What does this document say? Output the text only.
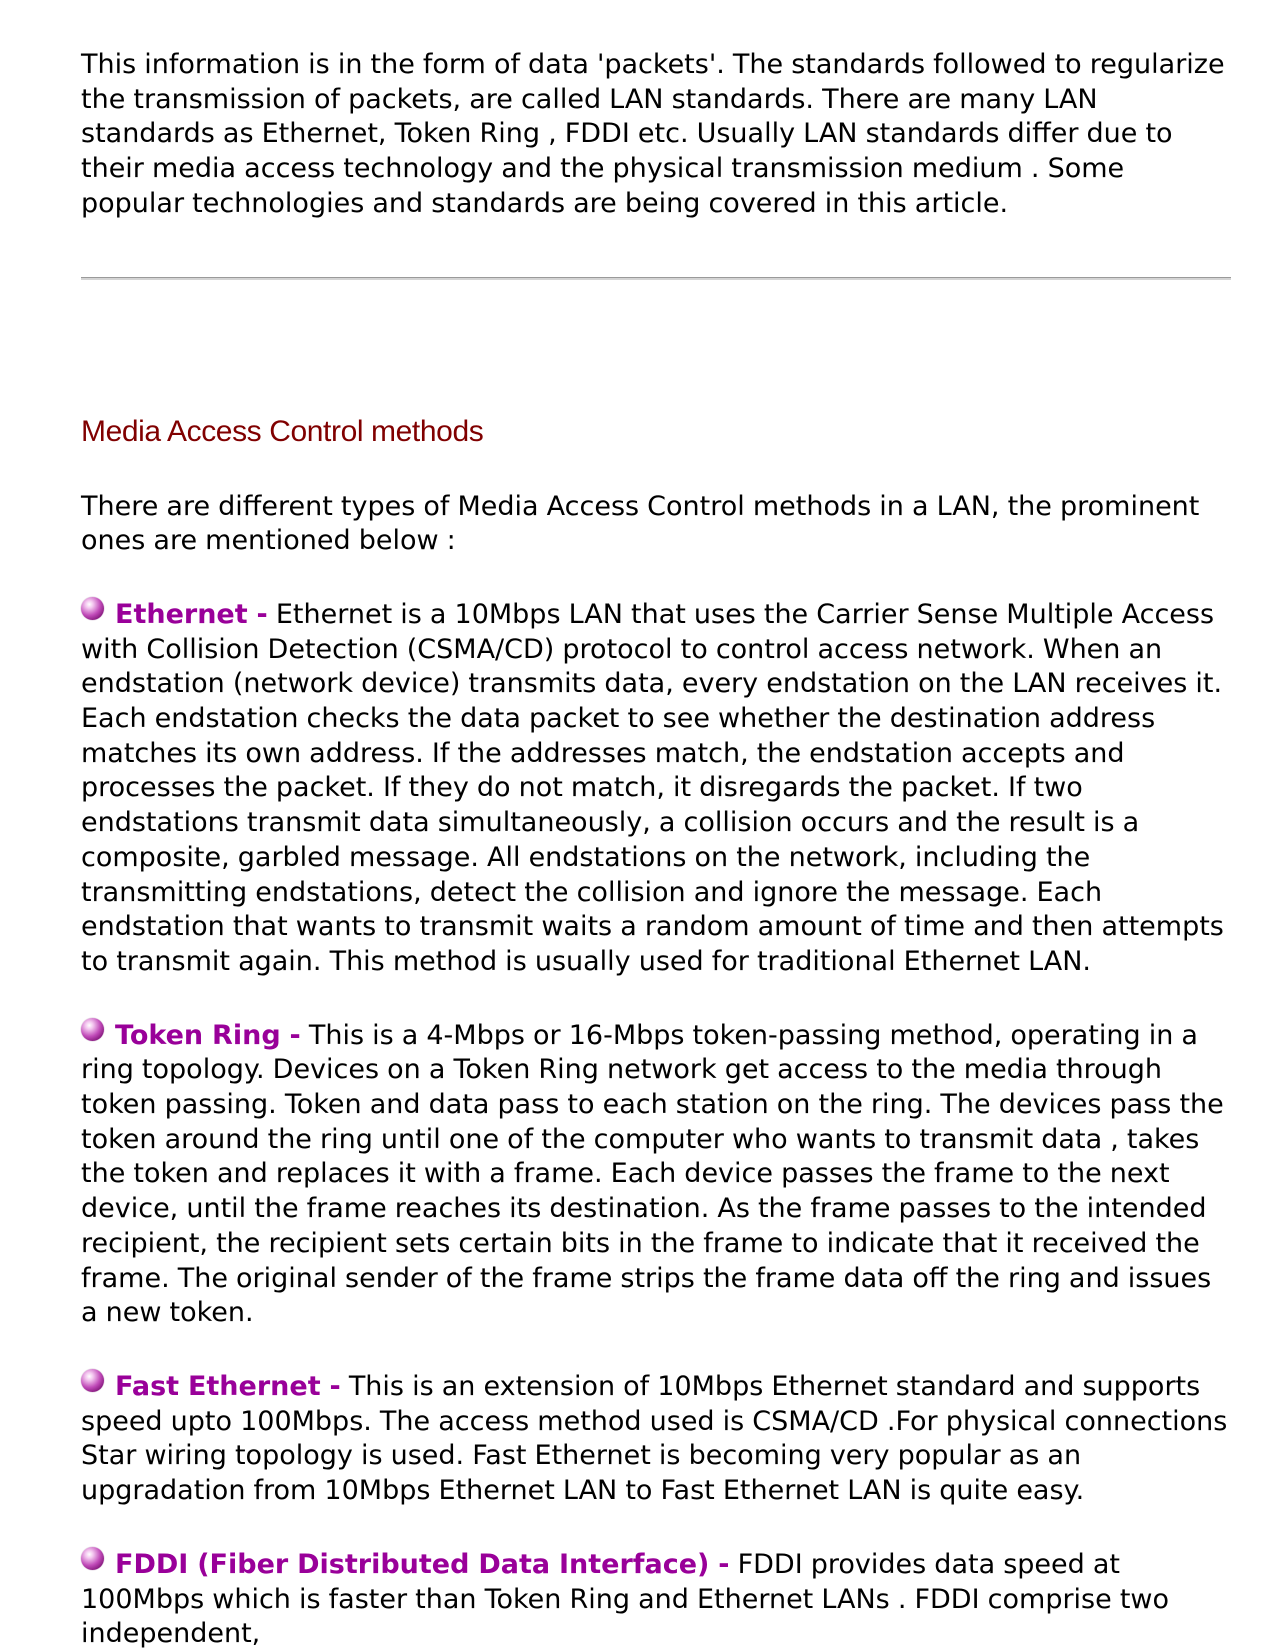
This information is in the form of data 'packets'. The standards followed to regularize the transmission of packets, are called LAN standards. There are many LAN standards as Ethernet, Token Ring , FDDI etc. Usually LAN standards differ due to their media access technology and the physical transmission medium . Some popular technologies and standards are being covered in this article.

Media Access Control methods

There are different types of Media Access Control methods in a LAN, the prominent ones are mentioned below :

Ethernet - Ethernet is a 10Mbps LAN that uses the Carrier Sense Multiple Access with Collision Detection (CSMA/CD) protocol to control access network. When an endstation (network device) transmits data, every endstation on the LAN receives it. Each endstation checks the data packet to see whether the destination address matches its own address. If the addresses match, the endstation accepts and processes the packet. If they do not match, it disregards the packet. If two endstations transmit data simultaneously, a collision occurs and the result is a composite, garbled message. All endstations on the network, including the transmitting endstations, detect the collision and ignore the message. Each endstation that wants to transmit waits a random amount of time and then attempts to transmit again. This method is usually used for traditional Ethernet LAN.

Token Ring - This is a 4-Mbps or 16-Mbps token-passing method, operating in a ring topology. Devices on a Token Ring network get access to the media through token passing. Token and data pass to each station on the ring. The devices pass the token around the ring until one of the computer who wants to transmit data , takes the token and replaces it with a frame. Each device passes the frame to the next device, until the frame reaches its destination. As the frame passes to the intended recipient, the recipient sets certain bits in the frame to indicate that it received the frame. The original sender of the frame strips the frame data off the ring and issues a new token.

Fast Ethernet - This is an extension of 10Mbps Ethernet standard and supports speed upto 100Mbps. The access method used is CSMA/CD .For physical connections Star wiring topology is used. Fast Ethernet is becoming very popular as an upgradation from 10Mbps Ethernet LAN to Fast Ethernet LAN is quite easy.

FDDI (Fiber Distributed Data Interface) - FDDI provides data speed at 100Mbps which is faster than Token Ring and Ethernet LANs . FDDI comprise two independent,
